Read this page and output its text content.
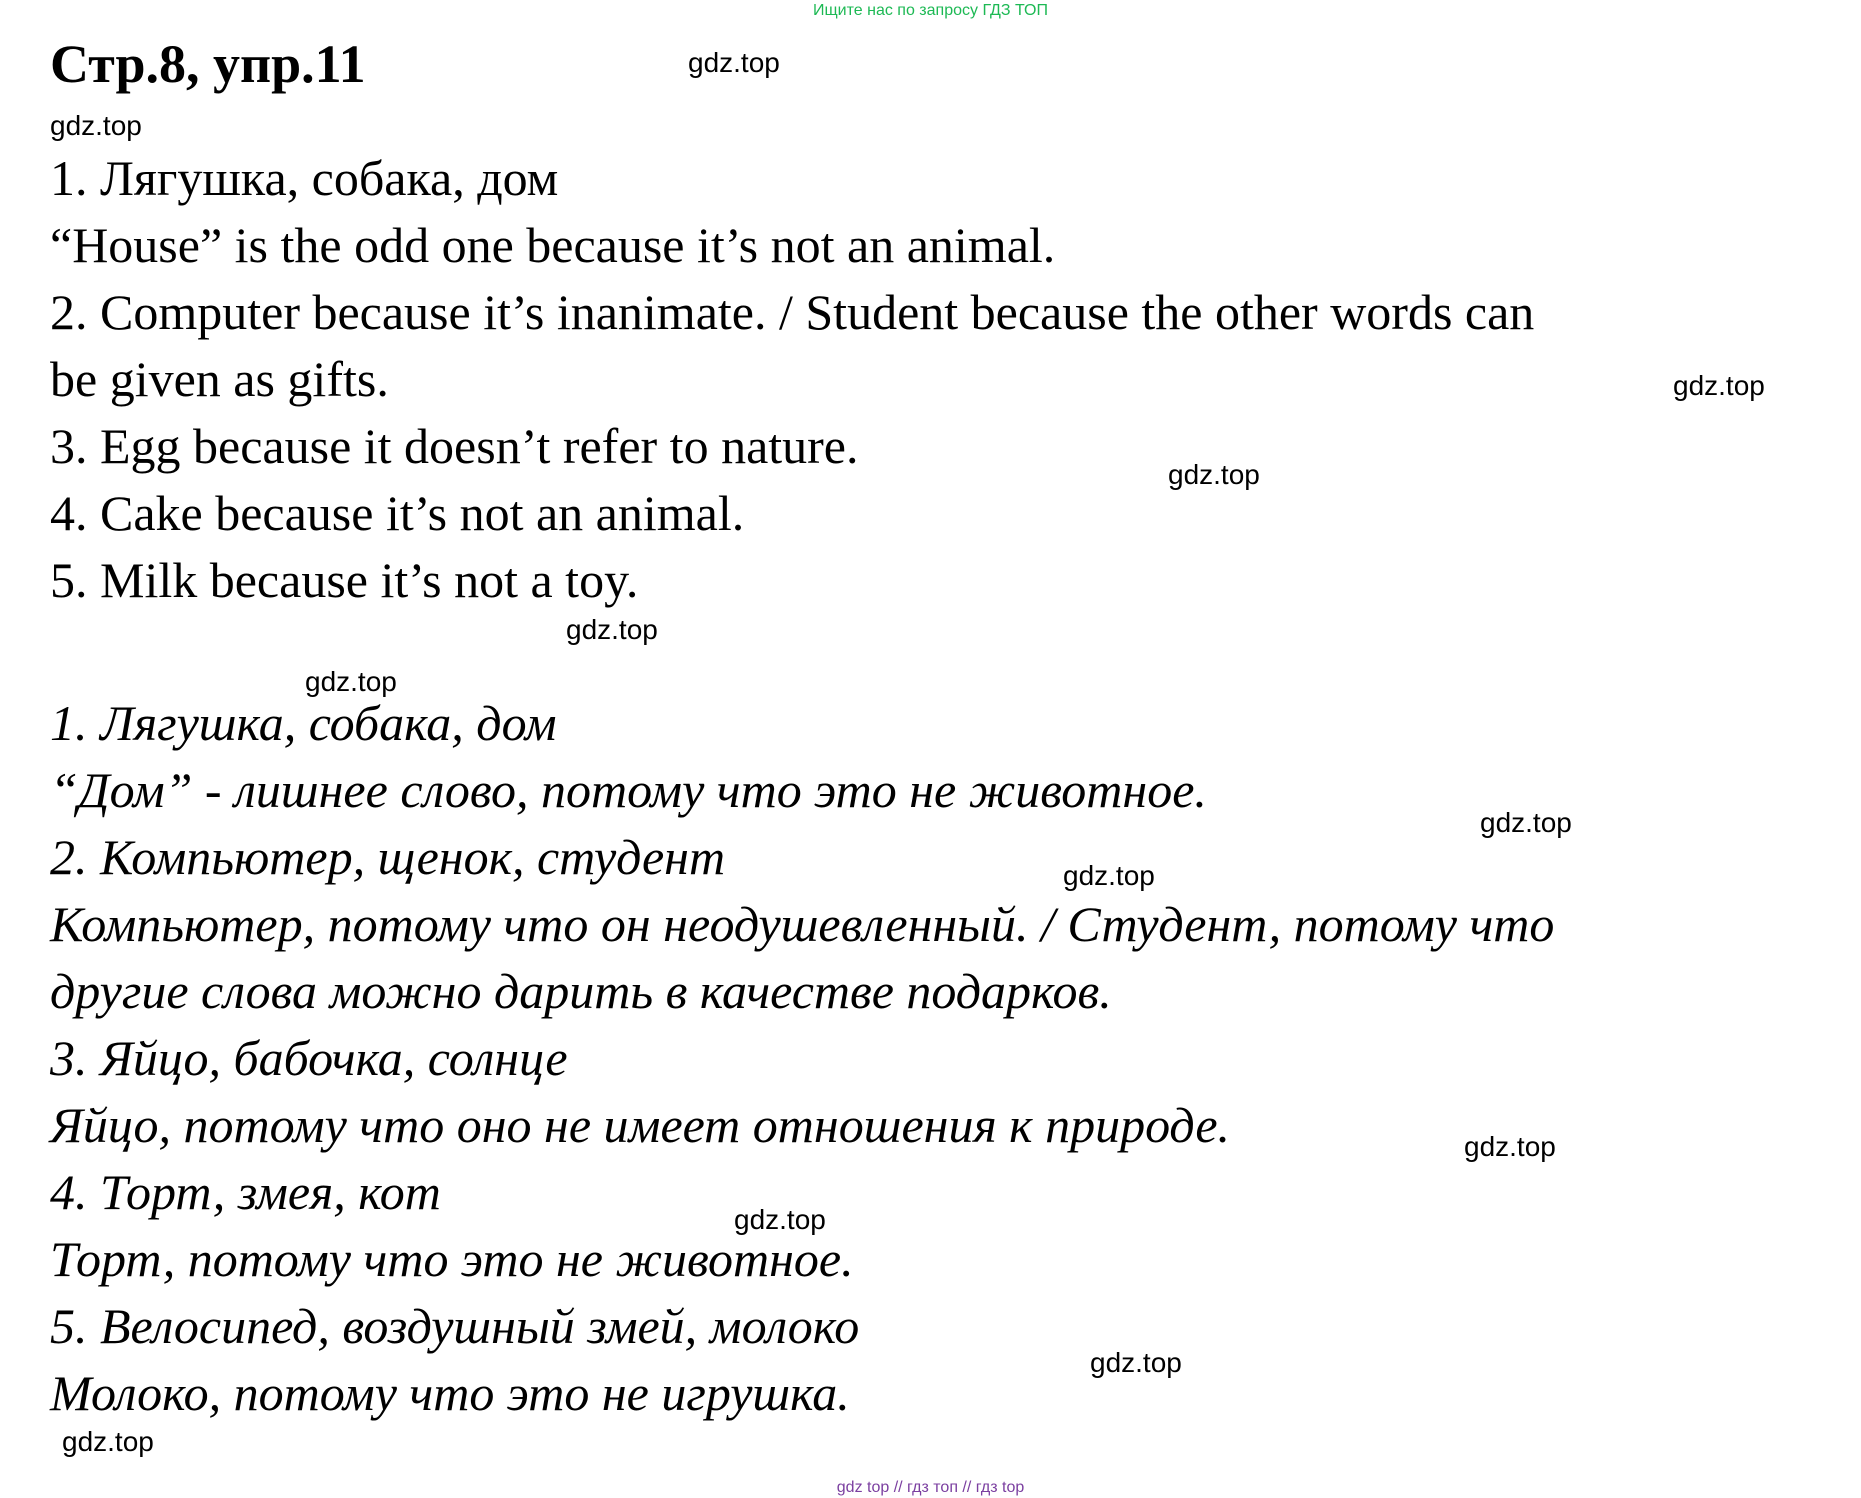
Ищите нас по запросу ГДЗ ТОП
Стр.8, упр.11
1. Лягушка, собака, дом
“House” is the odd one because it’s not an animal.
2. Computer because it’s inanimate. / Student because the other words can
be given as gifts.
3. Egg because it doesn’t refer to nature.
4. Cake because it’s not an animal.
5. Milk because it’s not a toy.
1. Лягушка, собака, дом
“Дом” - лишнее слово, потому что это не животное.
2. Компьютер, щенок, студент
Компьютер, потому что он неодушевленный. / Студент, потому что
другие слова можно дарить в качестве подарков.
3. Яйцо, бабочка, солнце
Яйцо, потому что оно не имеет отношения к природе.
4. Торт, змея, кот
Торт, потому что это не животное.
5. Велосипед, воздушный змей, молоко
Молоко, потому что это не игрушка.
gdz.top
gdz.top
gdz.top
gdz.top
gdz.top
gdz.top
gdz.top
gdz.top
gdz.top
gdz.top
gdz.top
gdz.top
gdz top // гдз топ // гдз top
